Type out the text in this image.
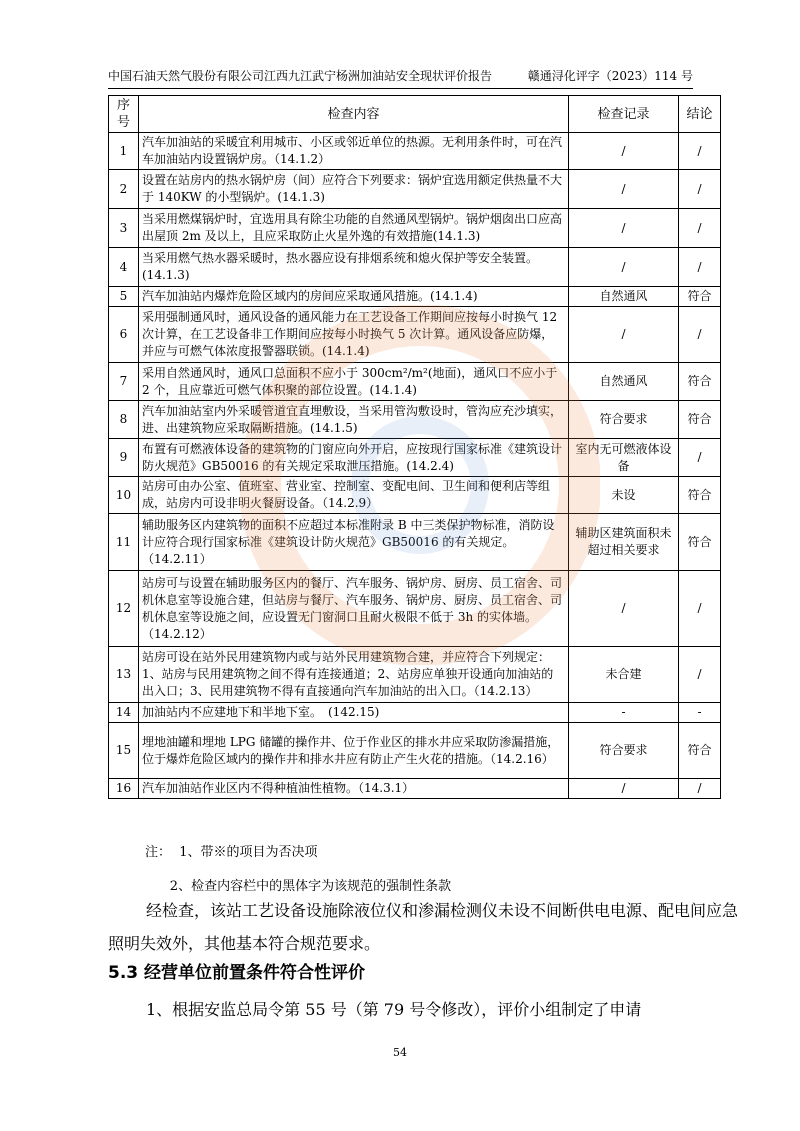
中国石油天然气股份有限公司江西九江武宁杨洲加油站安全现状评价报告	赣通浔化评字（2023）114 号
序号	检查内容	检查记录	结论
1	汽车加油站的采暖宜利用城市、小区或邻近单位的热源。无利用条件时，可在汽车加油站内设置锅炉房。（14.1.2）	/	/
2	设置在站房内的热水锅炉房（间）应符合下列要求：锅炉宜选用额定供热量不大于 140KW 的小型锅炉。(14.1.3)	/	/
3	当采用燃煤锅炉时，宜选用具有除尘功能的自然通风型锅炉。锅炉烟囱出口应高出屋顶 2m 及以上，且应采取防止火星外逸的有效措施(14.1.3)	/	/
4	当采用燃气热水器采暖时，热水器应设有排烟系统和熄火保护等安全装置。(14.1.3)	/	/
5	汽车加油站内爆炸危险区域内的房间应采取通风措施。(14.1.4)	自然通风	符合
6	采用强制通风时，通风设备的通风能力在工艺设备工作期间应按每小时换气 12 次计算，在工艺设备非工作期间应按每小时换气 5 次计算。通风设备应防爆，并应与可燃气体浓度报警器联锁。(14.1.4)	/	/
7	采用自然通风时，通风口总面积不应小于 300cm²/m²(地面)，通风口不应小于 2 个，且应靠近可燃气体积聚的部位设置。(14.1.4)	自然通风	符合
8	汽车加油站室内外采暖管道宜直埋敷设，当采用管沟敷设时，管沟应充沙填实，进、出建筑物应采取隔断措施。(14.1.5)	符合要求	符合
9	布置有可燃液体设备的建筑物的门窗应向外开启，应按现行国家标准《建筑设计防火规范》GB50016 的有关规定采取泄压措施。(14.2.4)	室内无可燃液体设备	/
10	站房可由办公室、值班室、营业室、控制室、变配电间、卫生间和便利店等组成，站房内可设非明火餐厨设备。（14.2.9）	未设	符合
11	辅助服务区内建筑物的面积不应超过本标准附录 B 中三类保护物标准，消防设计应符合现行国家标准《建筑设计防火规范》GB50016 的有关规定。（14.2.11）	辅助区建筑面积未超过相关要求	符合
12	站房可与设置在辅助服务区内的餐厅、汽车服务、锅炉房、厨房、员工宿舍、司机休息室等设施合建，但站房与餐厅、汽车服务、锅炉房、厨房、员工宿舍、司机休息室等设施之间，应设置无门窗洞口且耐火极限不低于 3h 的实体墙。（14.2.12）	/	/
13	站房可设在站外民用建筑物内或与站外民用建筑物合建，并应符合下列规定：1、站房与民用建筑物之间不得有连接通道；2、站房应单独开设通向加油站的出入口；3、民用建筑物不得有直接通向汽车加油站的出入口。（14.2.13）	未合建	/
14	加油站内不应建地下和半地下室。　(142.15)	-	-
15	埋地油罐和埋地 LPG 储罐的操作井、位于作业区的排水井应采取防渗漏措施，位于爆炸危险区域内的操作井和排水井应有防止产生火花的措施。（14.2.16）	符合要求	符合
16	汽车加油站作业区内不得种植油性植物。（14.3.1）	/	/
注：  1、带※的项目为否决项
2、检查内容栏中的黑体字为该规范的强制性条款
经检查，该站工艺设备设施除液位仪和渗漏检测仪未设不间断供电电源、配电间应急照明失效外，其他基本符合规范要求。
5.3 经营单位前置条件符合性评价
1、根据安监总局令第 55 号（第 79 号令修改），评价小组制定了申请
54
